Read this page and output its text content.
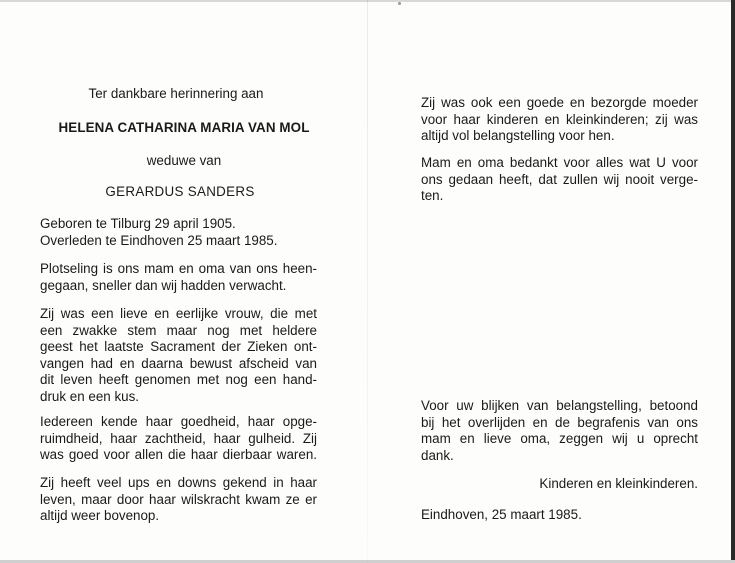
Ter dankbare herinnering aan
HELENA CATHARINA MARIA VAN MOL
weduwe van
GERARDUS SANDERS
Geboren te Tilburg 29 april 1905.
Overleden te Eindhoven 25 maart 1985.
Plotseling is ons mam en oma van ons heen-
gegaan, sneller dan wij hadden verwacht.
Zij was een lieve en eerlijke vrouw, die met
een zwakke stem maar nog met heldere
geest het laatste Sacrament der Zieken ont-
vangen had en daarna bewust afscheid van
dit leven heeft genomen met nog een hand-
druk en een kus.
Iedereen kende haar goedheid, haar opge-
ruimdheid, haar zachtheid, haar gulheid. Zij
was goed voor allen die haar dierbaar waren.
Zij heeft veel ups en downs gekend in haar
leven, maar door haar wilskracht kwam ze er
altijd weer bovenop.
Zij was ook een goede en bezorgde moeder
voor haar kinderen en kleinkinderen; zij was
altijd vol belangstelling voor hen.
Mam en oma bedankt voor alles wat U voor
ons gedaan heeft, dat zullen wij nooit verge-
ten.
Voor uw blijken van belangstelling, betoond
bij het overlijden en de begrafenis van ons
mam en lieve oma, zeggen wij u oprecht
dank.
Kinderen en kleinkinderen.
Eindhoven, 25 maart 1985.
